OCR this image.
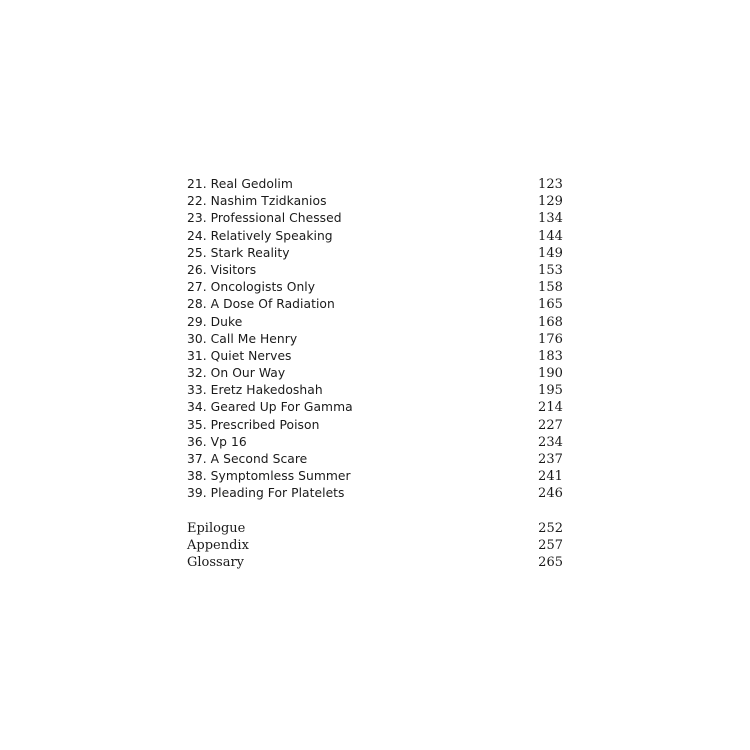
21. Real Gedolim	123
22. Nashim Tzidkanios	129
23. Professional Chessed	134
24. Relatively Speaking	144
25. Stark Reality	149
26. Visitors	153
27. Oncologists Only	158
28. A Dose Of Radiation	165
29. Duke	168
30. Call Me Henry	176
31. Quiet Nerves	183
32. On Our Way	190
33. Eretz Hakedoshah	195
34. Geared Up For Gamma	214
35. Prescribed Poison	227
36. Vp 16	234
37. A Second Scare	237
38. Symptomless Summer	241
39. Pleading For Platelets	246
Epilogue	252
Appendix	257
Glossary	265
